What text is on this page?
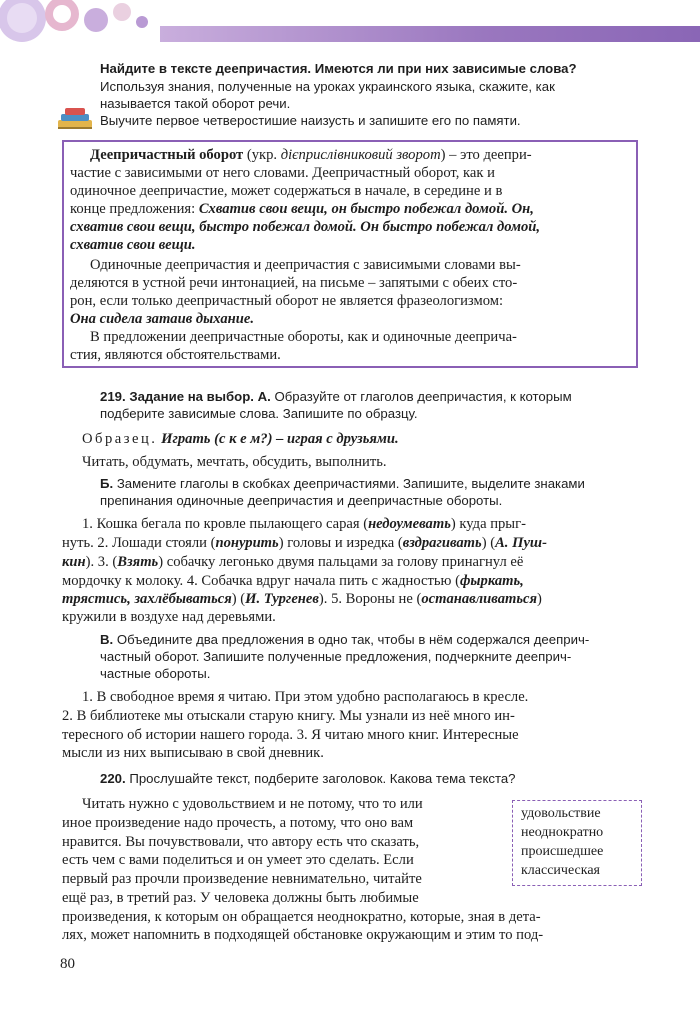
Найдите в тексте деепричастия. Имеются ли при них зависимые слова?
Используя знания, полученные на уроках украинского языка, скажите, как
называется такой оборот речи.
Выучите первое четверостишие наизусть и запишите его по памяти.
Деепричастный оборот (укр. дієприслівниковий зворот) – это деепри-
частие с зависимыми от него словами. Деепричастный оборот, как и
одиночное деепричастие, может содержаться в начале, в середине и в
конце предложения: Схватив свои вещи, он быстро побежал домой. Он,
схватив свои вещи, быстро побежал домой. Он быстро побежал домой,
схватив свои вещи.
Одиночные деепричастия и деепричастия с зависимыми словами вы-
деляются в устной речи интонацией, на письме – запятыми с обеих сто-
рон, если только деепричастный оборот не является фразеологизмом:
Она сидела затаив дыхание.
В предложении деепричастные обороты, как и одиночные дееприча-
стия, являются обстоятельствами.
219. Задание на выбор. А. Образуйте от глаголов деепричастия, к которым
подберите зависимые слова. Запишите по образцу.
Образец. Играть (с к е м?) – играя с друзьями.
Читать, обдумать, мечтать, обсудить, выполнить.
Б. Замените глаголы в скобках деепричастиями. Запишите, выделите знаками
препинания одиночные деепричастия и деепричастные обороты.
1. Кошка бегала по кровле пылающего сарая (недоумевать) куда прыг-
нуть. 2. Лошади стояли (понурить) головы и изредка (вздрагивать) (А. Пуш-
кин). 3. (Взять) собачку легонько двумя пальцами за голову принагнул её
мордочку к молоку. 4. Собачка вдруг начала пить с жадностью (фыркать,
трястись, захлёбываться) (И. Тургенев). 5. Вороны не (останавливаться)
кружили в воздухе над деревьями.
В. Объедините два предложения в одно так, чтобы в нём содержался дееприч-
частный оборот. Запишите полученные предложения, подчеркните дееприч-
частные обороты.
1. В свободное время я читаю. При этом удобно располагаюсь в кресле.
2. В библиотеке мы отыскали старую книгу. Мы узнали из неё много ин-
тересного об истории нашего города. 3. Я читаю много книг. Интересные
мысли из них выписываю в свой дневник.
220. Прослушайте текст, подберите заголовок. Какова тема текста?
Читать нужно с удовольствием и не потому, что то или
иное произведение надо прочесть, а потому, что оно вам
нравится. Вы почувствовали, что автору есть что сказать,
есть чем с вами поделиться и он умеет это сделать. Если
первый раз прочли произведение невнимательно, читайте
ещё раз, в третий раз. У человека должны быть любимые
произведения, к которым он обращается неоднократно, которые, зная в дета-
лях, может напомнить в подходящей обстановке окружающим и этим то под-
удовольствие
неоднократно
происшедшее
классическая
80
